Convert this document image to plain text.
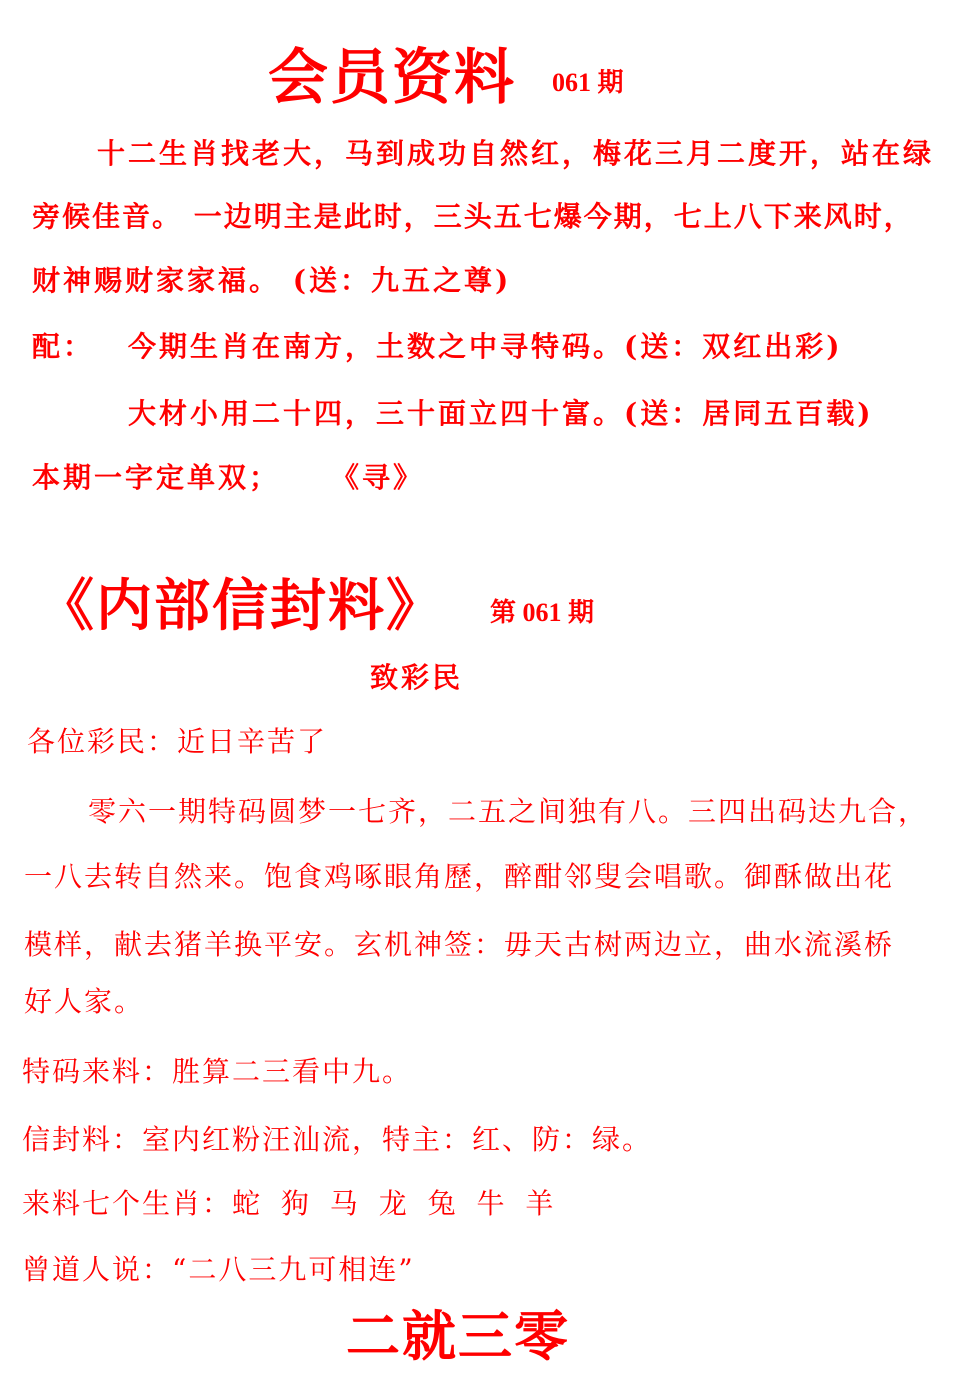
会员资料 061 期
十二生肖找老大，马到成功自然红，梅花三月二度开，站在绿
旁候佳音。 一边明主是此时，三头五七爆今期，七上八下来风时，
财神赐财家家福。 (送：九五之尊)
配： 今期生肖在南方，土数之中寻特码。(送：双红出彩)
大材小用二十四，三十面立四十富。(送：居同五百载)
本期一字定单双；    《寻》
《内部信封料》 第 061 期
致彩民
各位彩民：近日辛苦了
零六一期特码圆梦一七齐，二五之间独有八。三四出码达九合，
一八去转自然来。饱食鸡啄眼角歷，醉酣邻叟会唱歌。御酥做出花
模样，献去猪羊换平安。玄机神签：毋天古树两边立，曲水流溪桥
好人家。
特码来料：胜算二三看中九。
信封料：室内红粉汪汕流，特主：红、防：绿。
来料七个生肖：蛇 狗 马 龙 兔 牛 羊
曾道人说：“二八三九可相连”
二就三零
